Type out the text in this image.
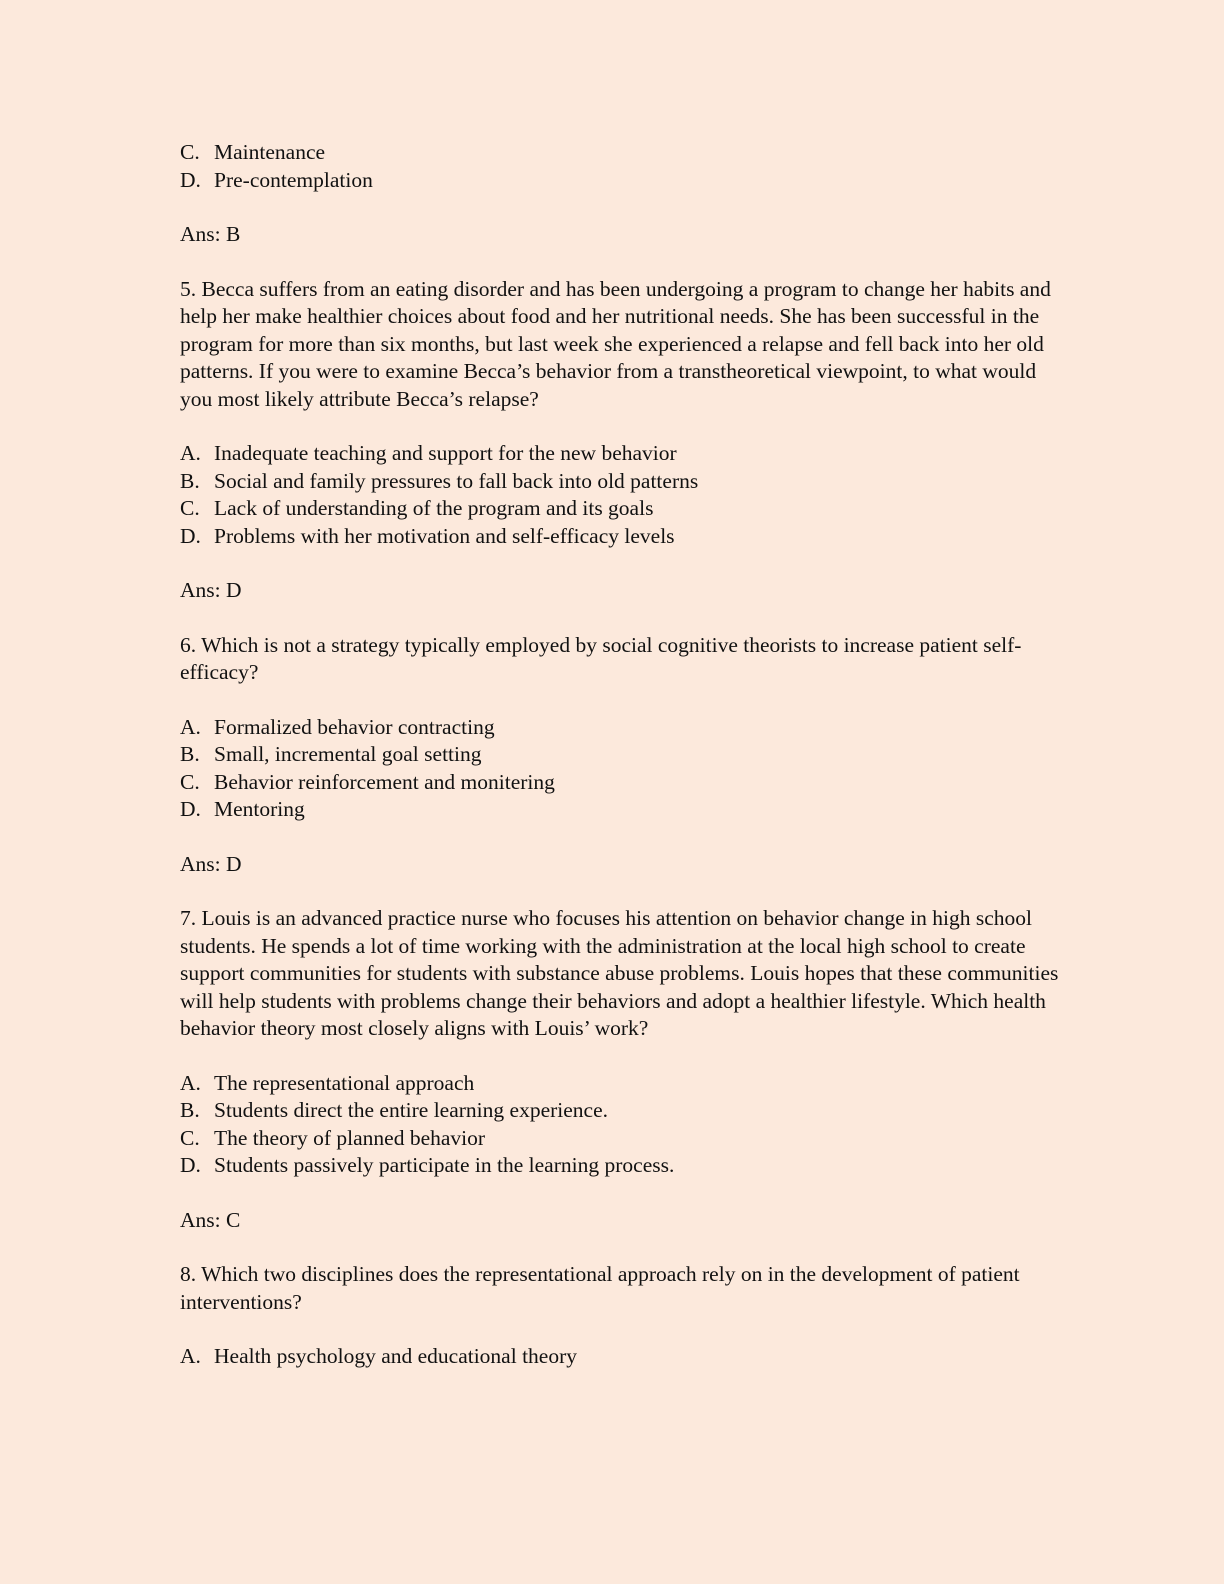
C. Maintenance
D. Pre-contemplation
Ans: B
5. Becca suffers from an eating disorder and has been undergoing a program to change her habits and help her make healthier choices about food and her nutritional needs. She has been successful in the program for more than six months, but last week she experienced a relapse and fell back into her old patterns. If you were to examine Becca’s behavior from a transtheoretical viewpoint, to what would you most likely attribute Becca’s relapse?
A. Inadequate teaching and support for the new behavior
B. Social and family pressures to fall back into old patterns
C. Lack of understanding of the program and its goals
D. Problems with her motivation and self-efficacy levels
Ans: D
6. Which is not a strategy typically employed by social cognitive theorists to increase patient self-efficacy?
A. Formalized behavior contracting
B. Small, incremental goal setting
C. Behavior reinforcement and monitering
D. Mentoring
Ans: D
7. Louis is an advanced practice nurse who focuses his attention on behavior change in high school students. He spends a lot of time working with the administration at the local high school to create support communities for students with substance abuse problems. Louis hopes that these communities will help students with problems change their behaviors and adopt a healthier lifestyle. Which health behavior theory most closely aligns with Louis’ work?
A. The representational approach
B. Students direct the entire learning experience.
C. The theory of planned behavior
D. Students passively participate in the learning process.
Ans: C
8. Which two disciplines does the representational approach rely on in the development of patient interventions?
A. Health psychology and educational theory
